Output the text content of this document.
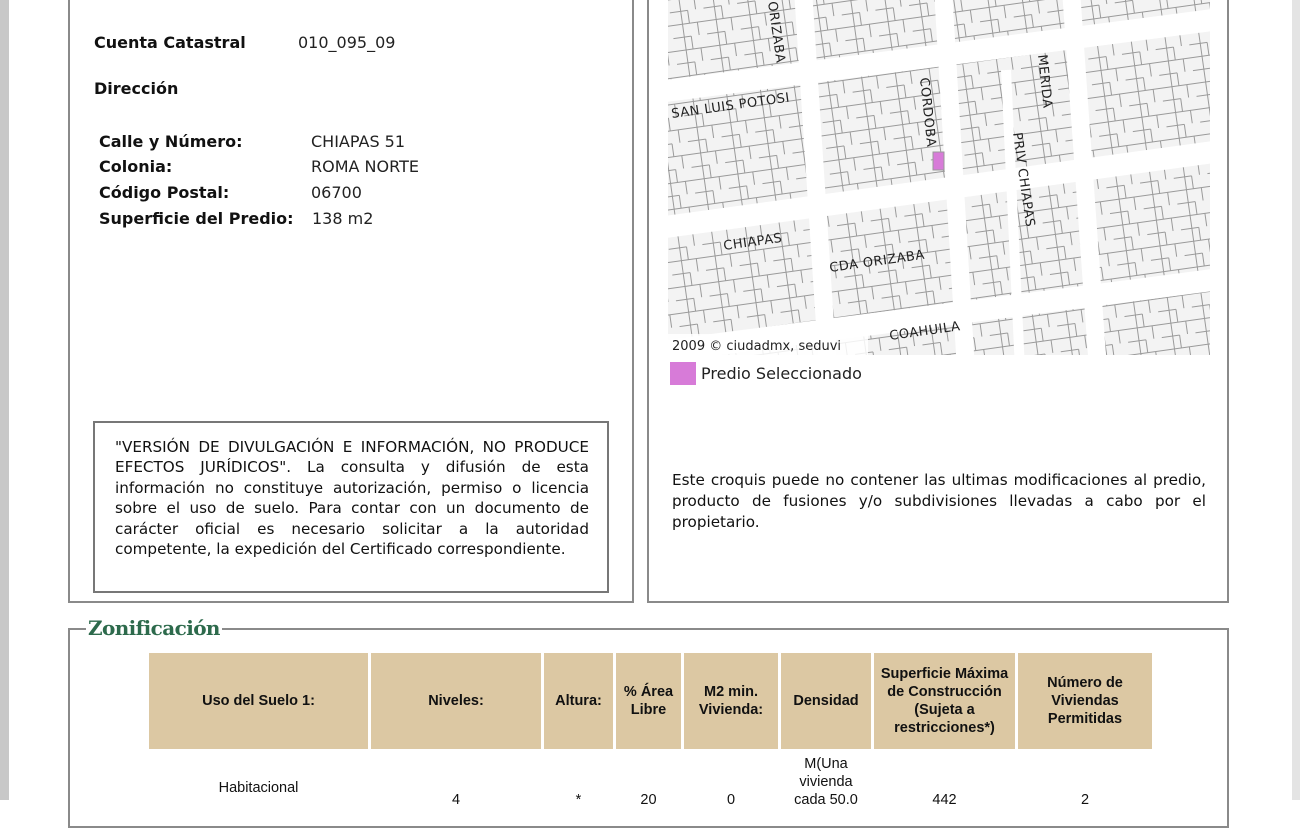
Cuenta Catastral	010_095_09
Dirección
Calle y Número:	CHIAPAS 51
Colonia:	ROMA NORTE
Código Postal:	06700
Superficie del Predio: 138 m2
"VERSIÓN DE DIVULGACIÓN E INFORMACIÓN, NO PRODUCE EFECTOS JURÍDICOS". La consulta y difusión de esta información no constituye autorización, permiso o licencia sobre el uso de suelo. Para contar con un documento de carácter oficial es necesario solicitar a la autoridad competente, la expedición del Certificado correspondiente.
ORIZABA
SAN LUIS POTOSI	CORDOBA	MERIDA
PRIV CHIAPAS
CHIAPAS
CDA ORIZABA
COAHUILA
2009 © ciudadmx, seduvi
Predio Seleccionado
Este croquis puede no contener las ultimas modificaciones al predio, producto de fusiones y/o subdivisiones llevadas a cabo por el propietario.
Zonificación
Uso del Suelo 1:	Niveles:	Altura:	% Área Libre	M2 min. Vivienda:	Densidad	Superficie Máxima de Construcción (Sujeta a restricciones*)	Número de Viviendas Permitidas
Habitacional	4	*	20	0	M(Una vivienda cada 50.0	442	2
